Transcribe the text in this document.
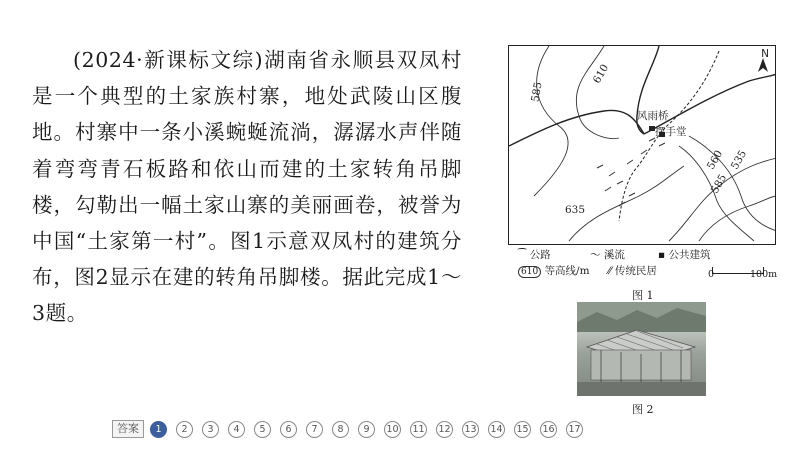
(2024·新课标文综)湖南省永顺县双凤村是一个典型的土家族村寨，地处武陵山区腹地。村寨中一条小溪蜿蜒流淌，潺潺水声伴随着弯弯青石板路和依山而建的土家转角吊脚楼，勾勒出一幅土家山寨的美丽画卷，被誉为中国“土家第一村”。图1示意双凤村的建筑分布，图2显示在建的转角吊脚楼。据此完成1～3题。
N
610
585
635
560 535
585
风雨桥
摆手堂
⁀ 公路	〜 溪流	▪ 公共建筑
610 等高线/m ⁄⁄ 传统民居	0	100m
图 1
图 2
答案	1	2	3	4	5	6	7	8	9	10 11 12 13 14 15 16 17
